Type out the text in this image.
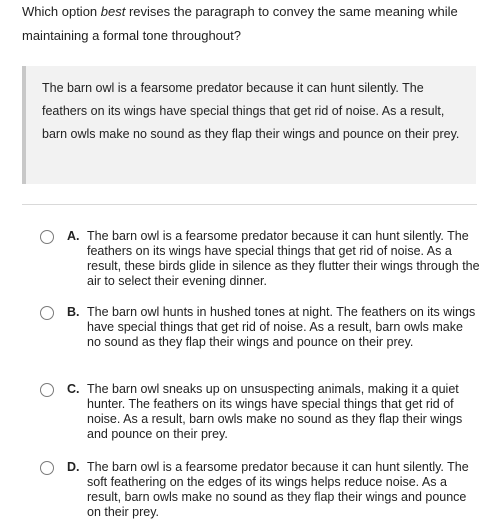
Which option best revises the paragraph to convey the same meaning while maintaining a formal tone throughout?
The barn owl is a fearsome predator because it can hunt silently. The feathers on its wings have special things that get rid of noise. As a result, barn owls make no sound as they flap their wings and pounce on their prey.
A. The barn owl is a fearsome predator because it can hunt silently. The feathers on its wings have special things that get rid of noise. As a result, these birds glide in silence as they flutter their wings through the air to select their evening dinner.
B. The barn owl hunts in hushed tones at night. The feathers on its wings have special things that get rid of noise. As a result, barn owls make no sound as they flap their wings and pounce on their prey.
C. The barn owl sneaks up on unsuspecting animals, making it a quiet hunter. The feathers on its wings have special things that get rid of noise. As a result, barn owls make no sound as they flap their wings and pounce on their prey.
D. The barn owl is a fearsome predator because it can hunt silently. The soft feathering on the edges of its wings helps reduce noise. As a result, barn owls make no sound as they flap their wings and pounce on their prey.
